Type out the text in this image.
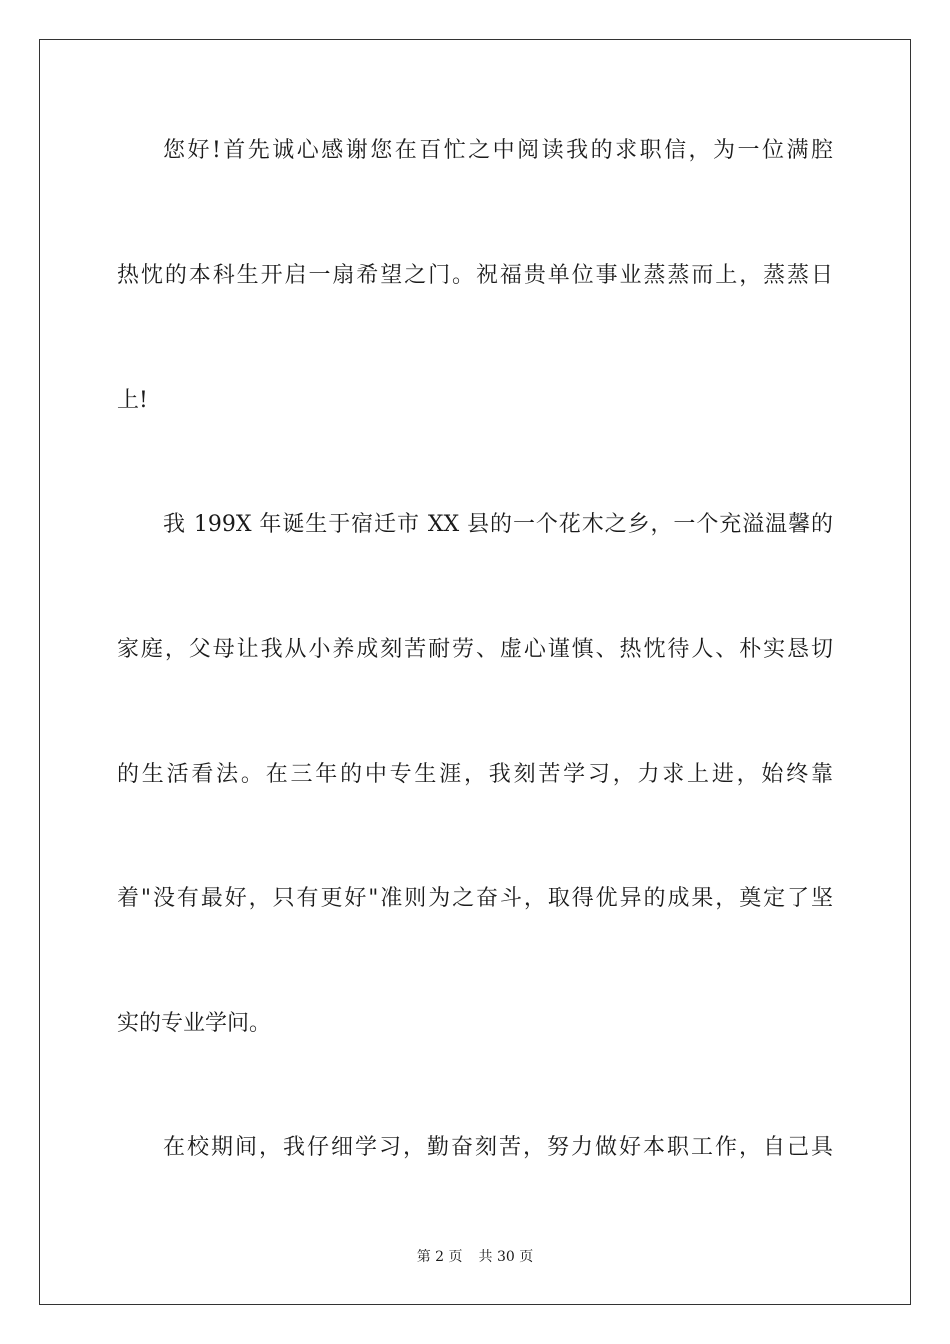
您好!首先诚心感谢您在百忙之中阅读我的求职信，为一位满腔
热忱的本科生开启一扇希望之门。祝福贵单位事业蒸蒸而上，蒸蒸日
上!
我 199X 年诞生于宿迁市 XX 县的一个花木之乡，一个充溢温馨的
家庭，父母让我从小养成刻苦耐劳、虚心谨慎、热忱待人、朴实恳切
的生活看法。在三年的中专生涯，我刻苦学习，力求上进，始终靠
着"没有最好，只有更好"准则为之奋斗，取得优异的成果，奠定了坚
实的专业学问。
在校期间，我仔细学习，勤奋刻苦，努力做好本职工作，自己具
第 2 页 共 30 页
